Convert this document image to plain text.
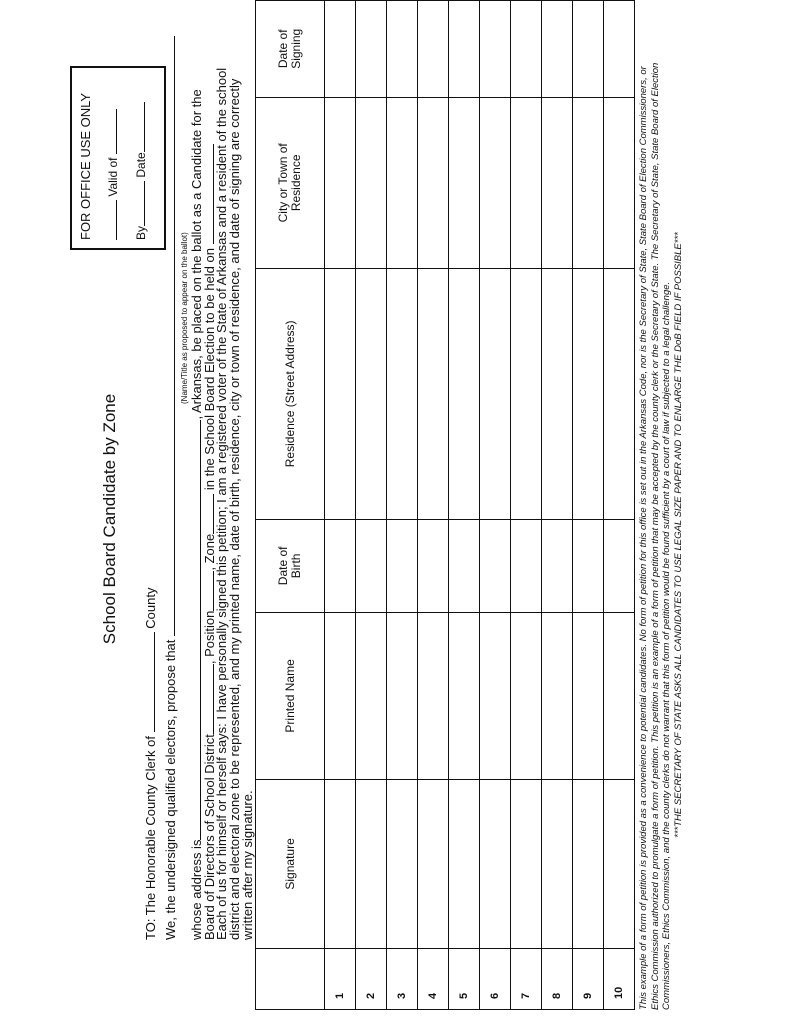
School Board Candidate by Zone
FOR OFFICE USE ONLY Valid of
By Date
TO: The Honorable County Clerk of  County
We, the undersigned qualified electors, propose that
(Name/Title as proposed to appear on the ballot)
whose address is, Arkansas, be placed on the ballot as a Candidate for the
Board of Directors of School District, Position, Zone in the School Board Election to be held on
Each of us for himself or herself says: I have personally signed this petition; I am a registered voter of the State of Arkansas and a resident of the school
district and electoral zone to be represented, and my printed name, date of birth, residence, city or town of residence, and date of signing are correctly
written after my signature.
	Signature	Printed Name	Date of Birth	Residence (Street Address)	City or Town of Residence	Date of Signing
1						
2						
3						
4						
5						
6						
7						
8						
9						
10						This example of a form of petition is provided as a convenience to potential candidates. No form of petition for this office is set out in the Arkansas Code, nor is the Secretary of State, State Board of Election Commissioners, or Ethics Commission authorized to promulgate a form of petition. This petition is an example of a form of petition that may be accepted by the county clerk or the Secretary of State. The Secretary of State, State Board of Election Commissioners, Ethics Commission, and the county clerks do not warrant that this form of petition would be found sufficient by a court of law if subjected to a legal challenge. ***THE SECRETARY OF STATE ASKS ALL CANDIDATES TO USE LEGAL SIZE PAPER AND TO ENLARGE THE DoB FIELD IF POSSIBLE***
